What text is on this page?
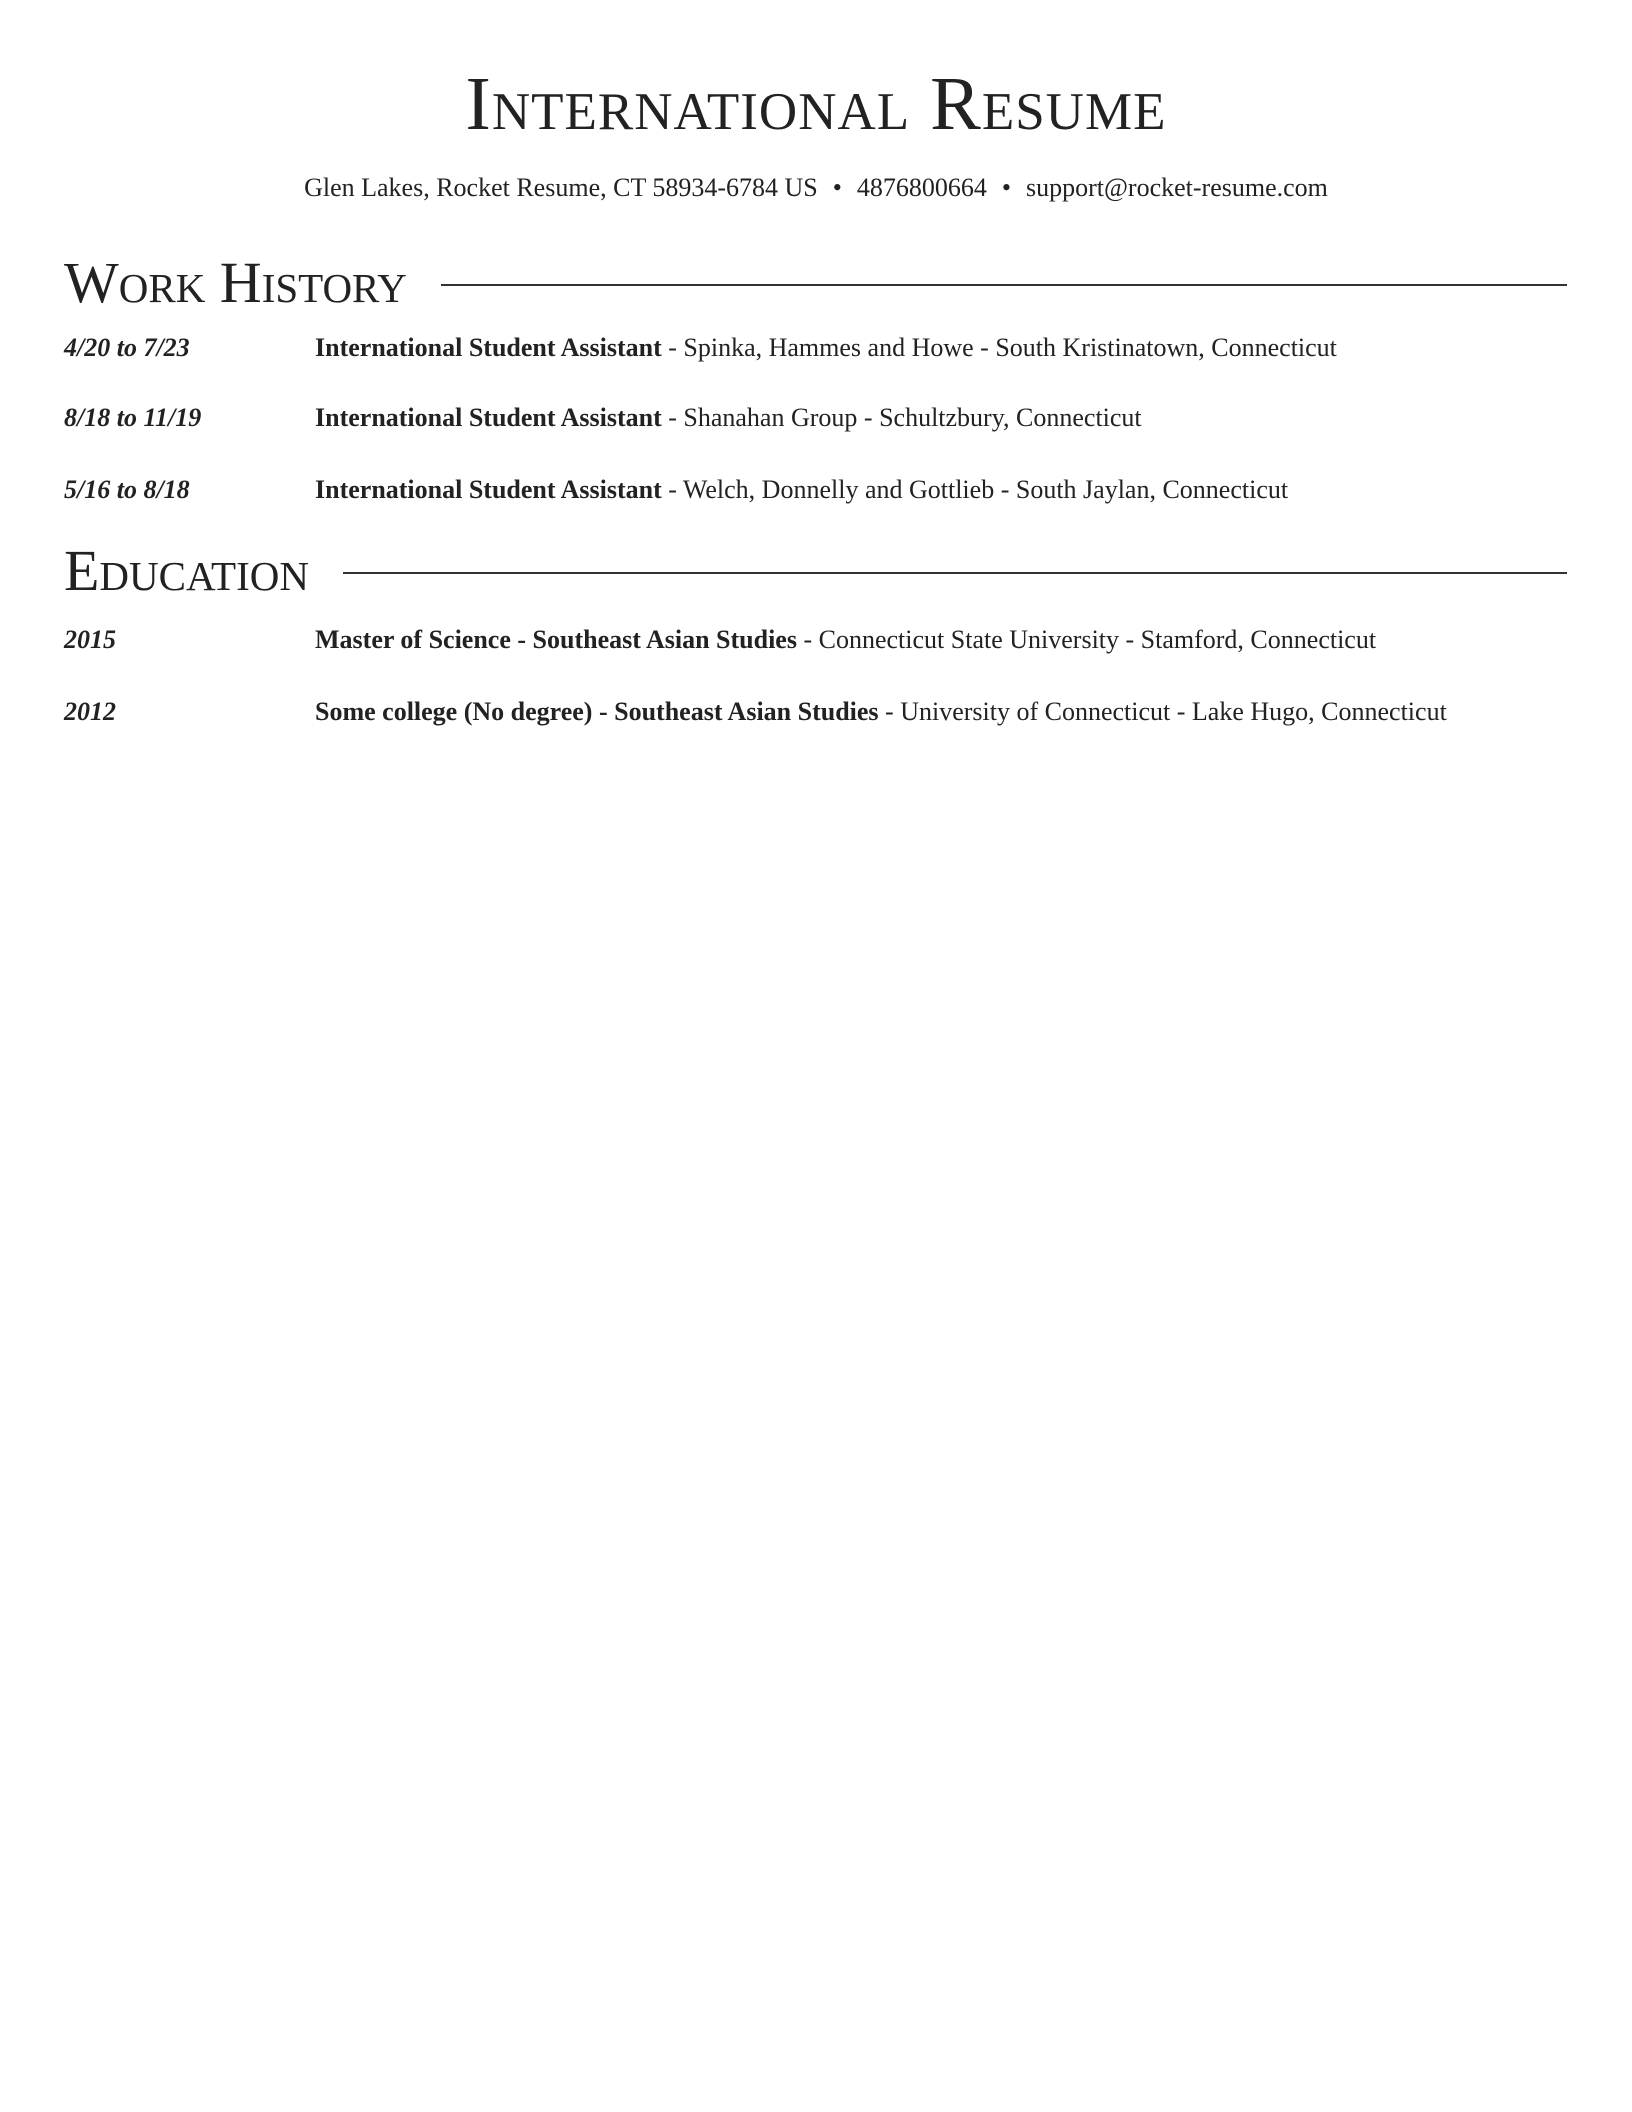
International Resume
Glen Lakes, Rocket Resume, CT 58934-6784 US • 4876800664 • support@rocket-resume.com
Work History
4/20 to 7/23	International Student Assistant - Spinka, Hammes and Howe - South Kristinatown, Connecticut
8/18 to 11/19	International Student Assistant - Shanahan Group - Schultzbury, Connecticut
5/16 to 8/18	International Student Assistant - Welch, Donnelly and Gottlieb - South Jaylan, Connecticut
Education
2015	Master of Science - Southeast Asian Studies - Connecticut State University - Stamford, Connecticut
2012	Some college (No degree) - Southeast Asian Studies - University of Connecticut - Lake Hugo, Connecticut
